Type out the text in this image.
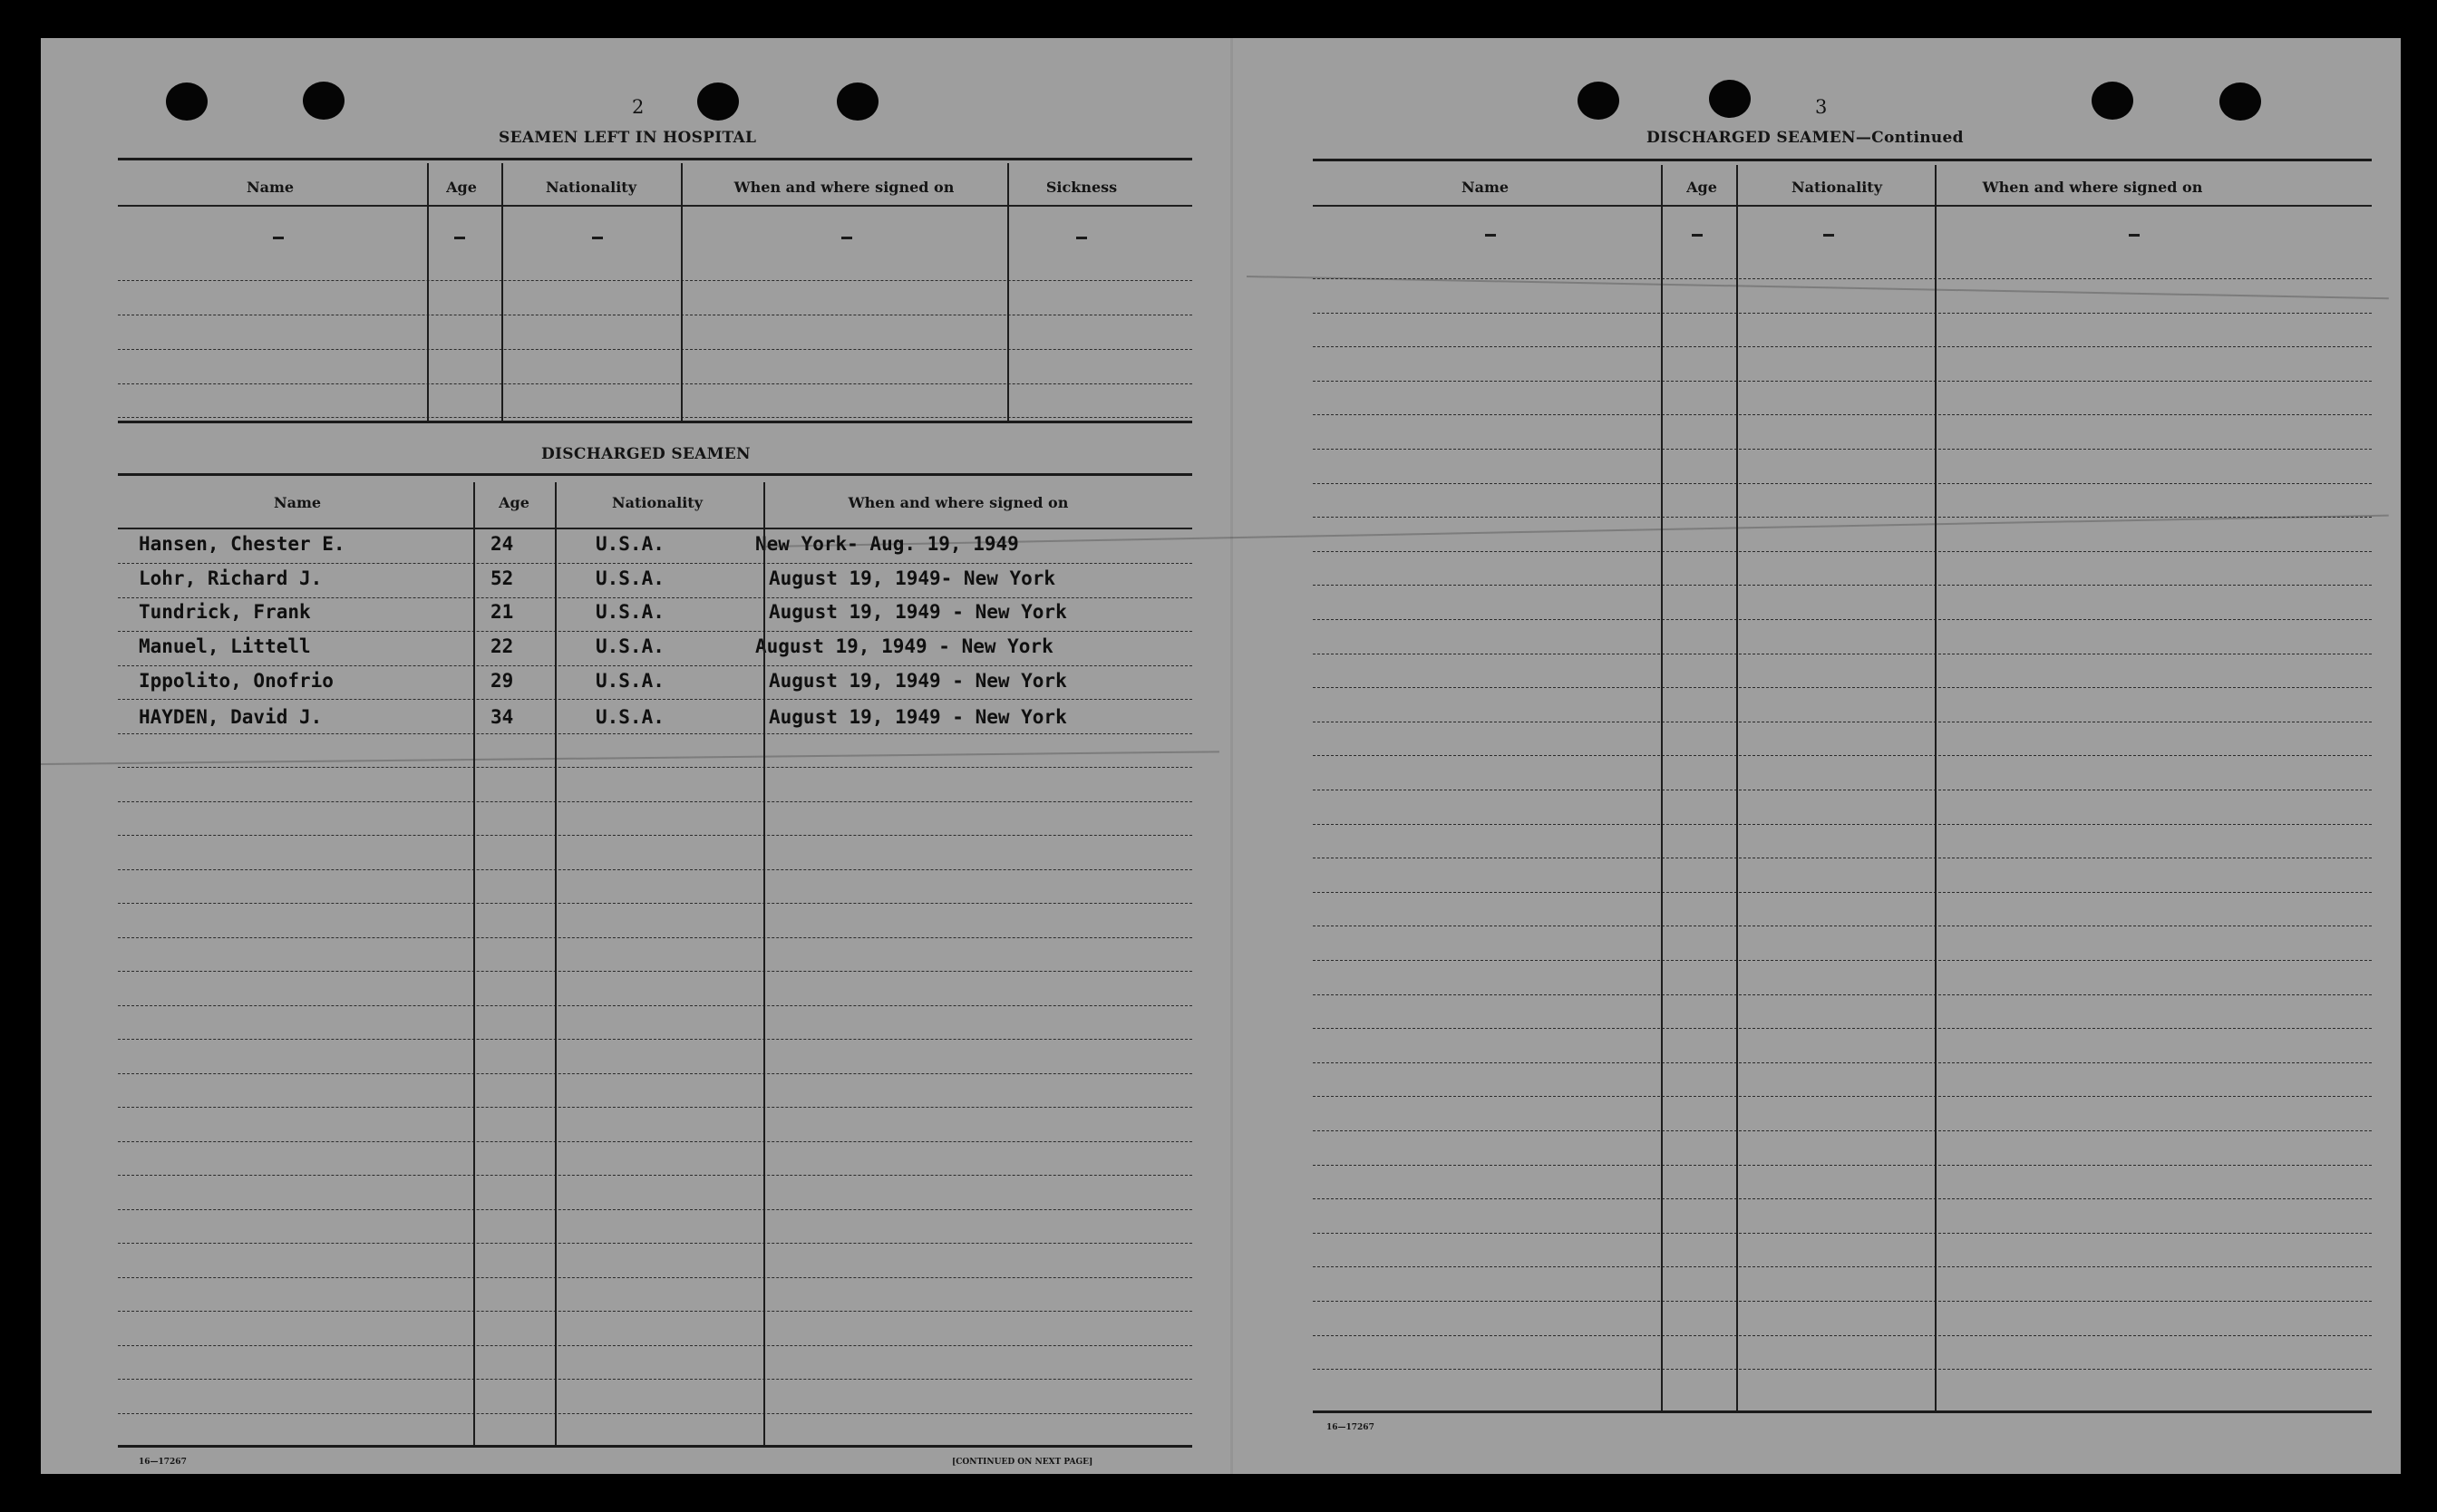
2
SEAMEN LEFT IN HOSPITAL
Name	Age	Nationality	When and where signed on	Sickness
DISCHARGED SEAMEN
Name	Age	Nationality	When and where signed on
Hansen, Chester E.	24	U.S.A.	New York- Aug. 19, 1949
Lohr, Richard J.	52	U.S.A.	August 19, 1949- New York
Tundrick, Frank	21	U.S.A.	August 19, 1949 - New York
Manuel, Littell	22	U.S.A.	August 19, 1949 - New York
Ippolito, Onofrio	29	U.S.A.	August 19, 1949 - New York
HAYDEN, David J.	34	U.S.A.	August 19, 1949 - New York
16—17267	[CONTINUED ON NEXT PAGE]
3
DISCHARGED SEAMEN—Continued
Name	Age	Nationality	When and where signed on
16—17267
